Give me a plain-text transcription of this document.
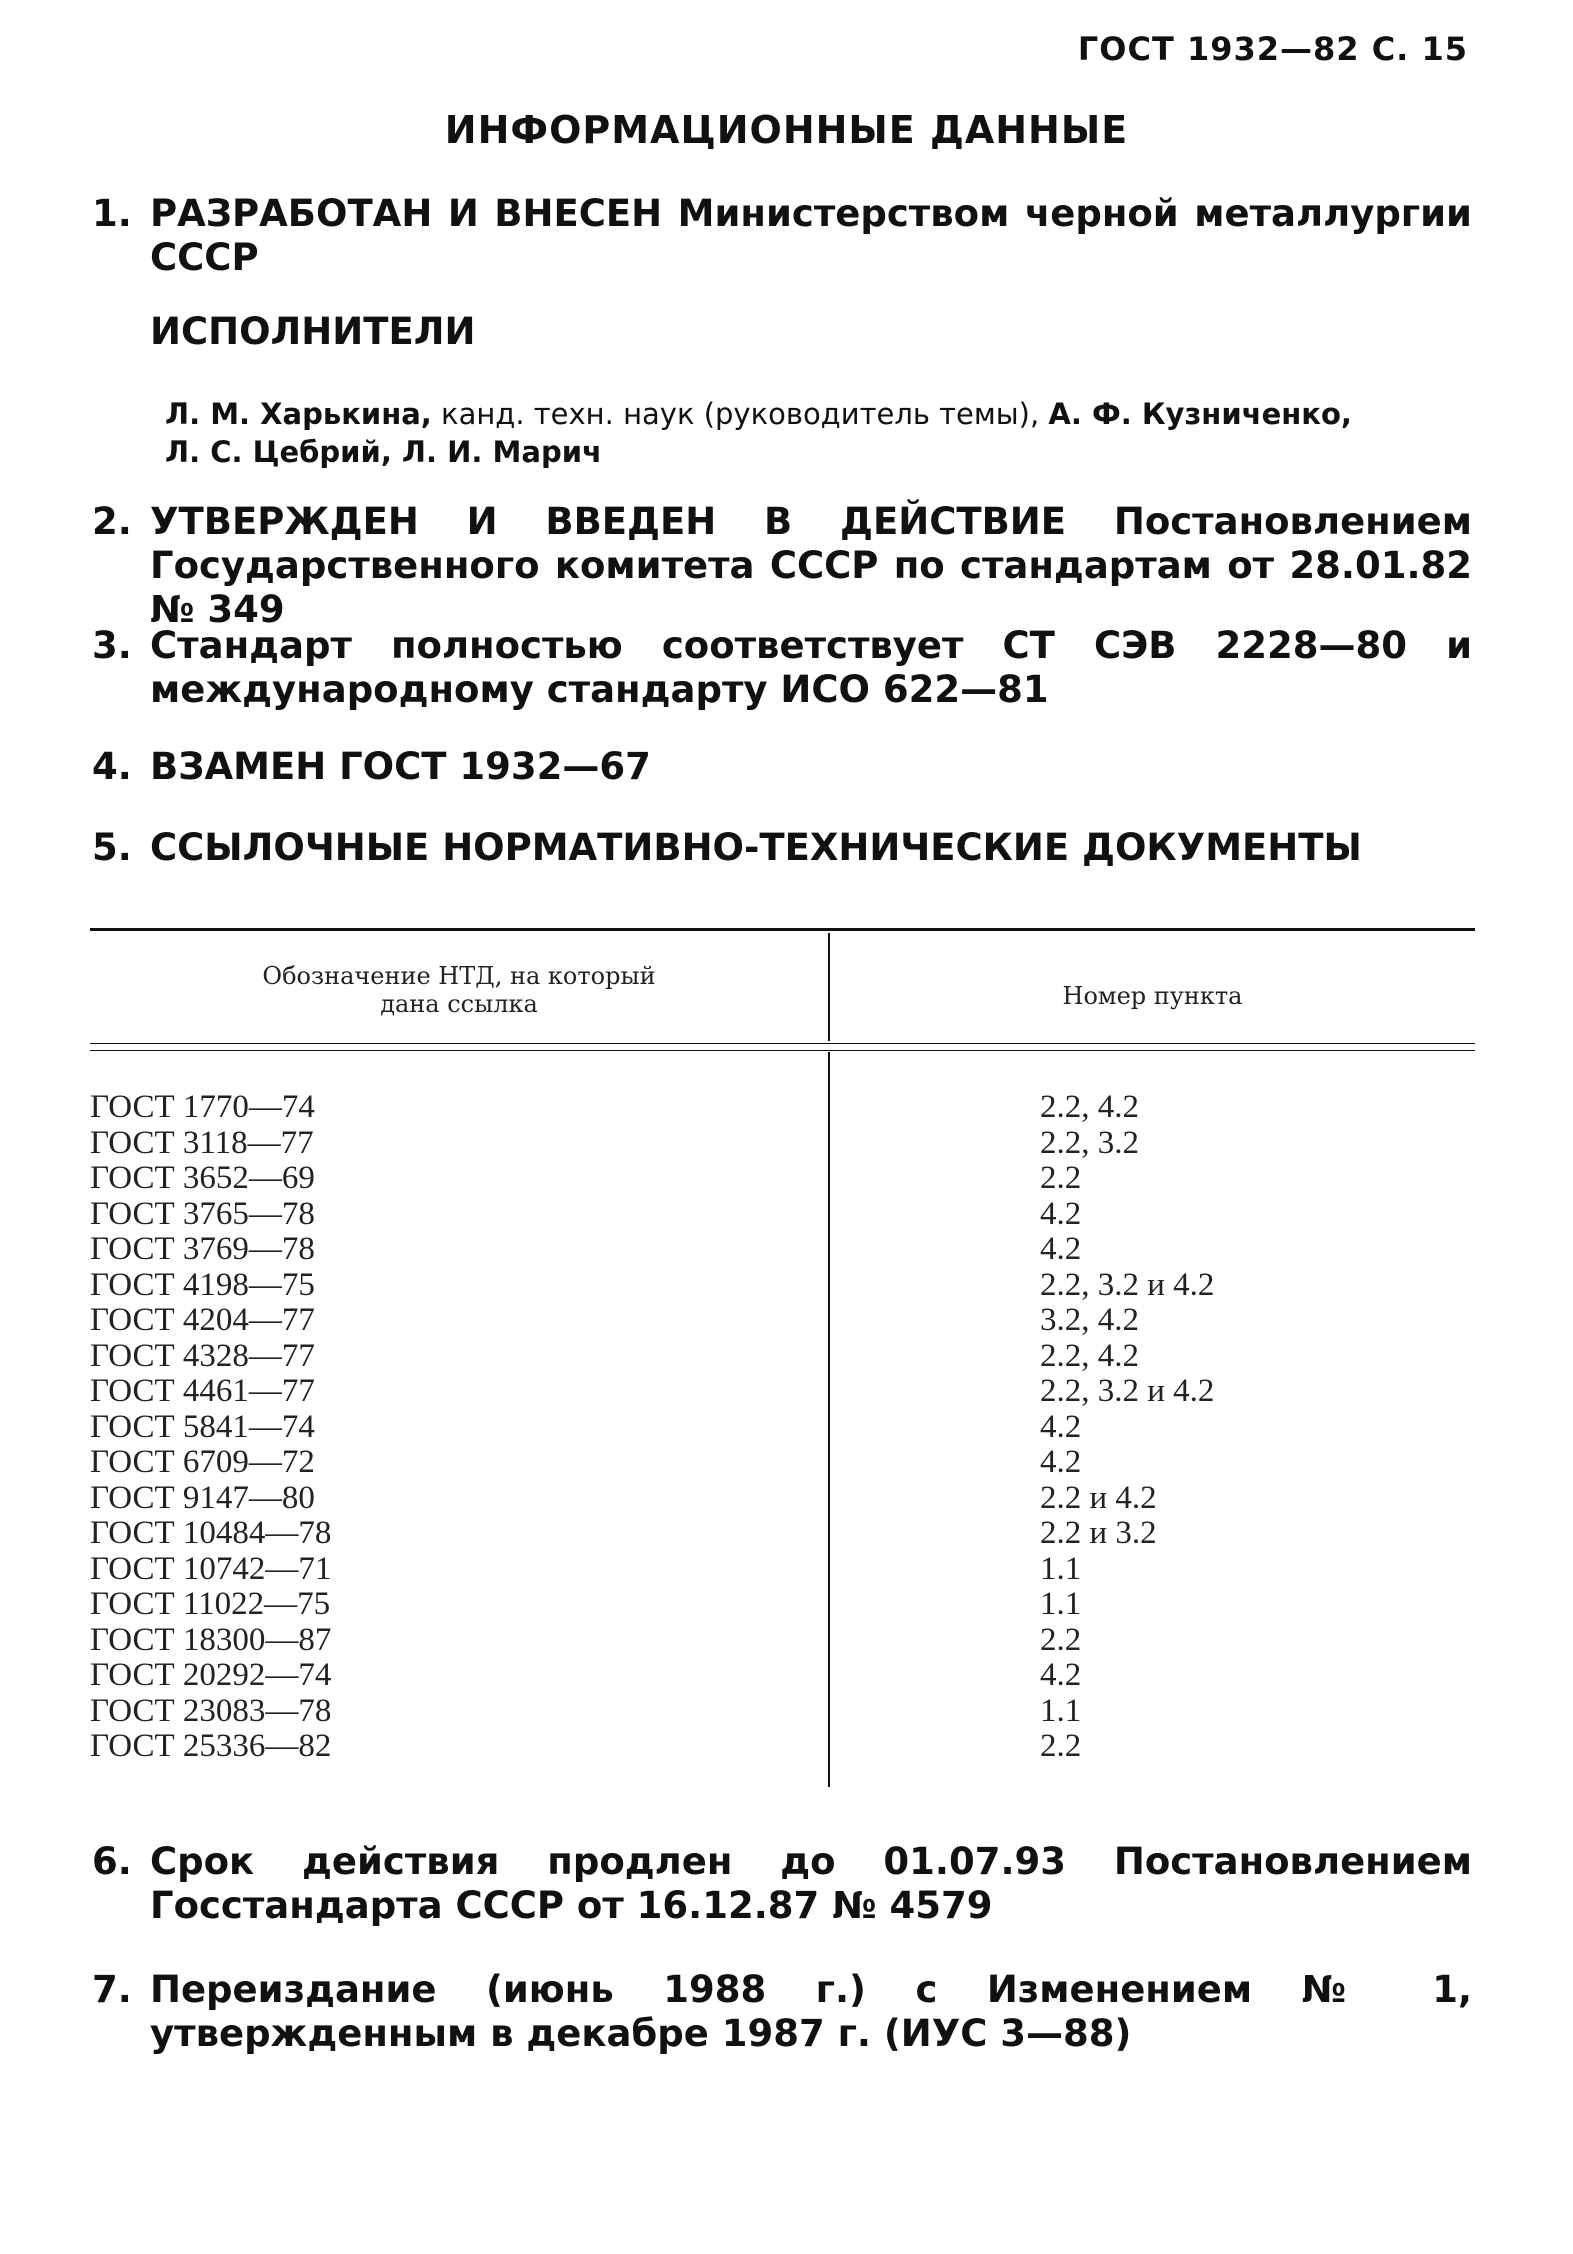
ГОСТ 1932—82 С. 15
ИНФОРМАЦИОННЫЕ ДАННЫЕ
1. РАЗРАБОТАН И ВНЕСЕН Министерством черной металлургии СССР
ИСПОЛНИТЕЛИ
Л. М. Харькина, канд. техн. наук (руководитель темы), А. Ф. Кузниченко,
Л. С. Цебрий, Л. И. Марич
2. УТВЕРЖДЕН И ВВЕДЕН В ДЕЙСТВИЕ Постановлением Государственного комитета СССР по стандартам от 28.01.82 № 349
3. Стандарт полностью соответствует СТ СЭВ 2228—80 и международному стандарту ИСО 622—81
4. ВЗАМЕН ГОСТ 1932—67
5. ССЫЛОЧНЫЕ НОРМАТИВНО-ТЕХНИЧЕСКИЕ ДОКУМЕНТЫ
Обозначение НТД, на который
дана ссылка	Номер пункта
ГОСТ 1770—74
ГОСТ 3118—77
ГОСТ 3652—69
ГОСТ 3765—78
ГОСТ 3769—78
ГОСТ 4198—75
ГОСТ 4204—77
ГОСТ 4328—77
ГОСТ 4461—77
ГОСТ 5841—74
ГОСТ 6709—72
ГОСТ 9147—80
ГОСТ 10484—78
ГОСТ 10742—71
ГОСТ 11022—75
ГОСТ 18300—87
ГОСТ 20292—74
ГОСТ 23083—78
ГОСТ 25336—82
2.2, 4.2
2.2, 3.2
2.2
4.2
4.2
2.2, 3.2 и 4.2
3.2, 4.2
2.2, 4.2
2.2, 3.2 и 4.2
4.2
4.2
2.2 и 4.2
2.2 и 3.2
1.1
1.1
2.2
4.2
1.1
2.2
6. Срок действия продлен до 01.07.93 Постановлением Госстандарта СССР от 16.12.87 № 4579
7. Переиздание (июнь 1988 г.) с Изменением № 1, утвержденным в декабре 1987 г. (ИУС 3—88)
